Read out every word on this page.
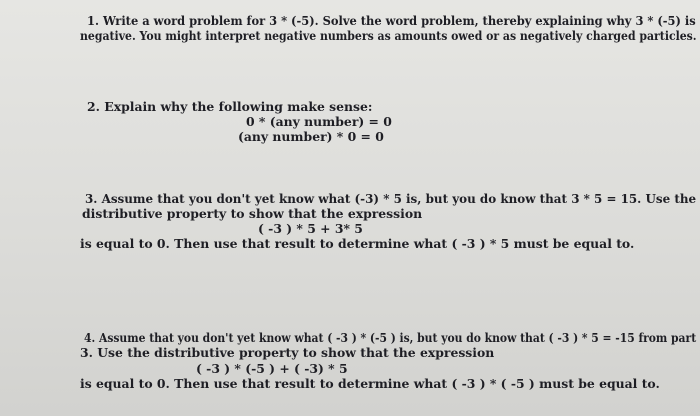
1. Write a word problem for 3 * (-5). Solve the word problem, thereby explaining why 3 * (-5) is
negative. You might interpret negative numbers as amounts owed or as negatively charged particles.
2. Explain why the following make sense:
0 * (any number) = 0
(any number) * 0 = 0
3. Assume that you don't yet know what (-3) * 5 is, but you do know that 3 * 5 = 15. Use the
distributive property to show that the expression
( -3 ) * 5 + 3* 5
is equal to 0. Then use that result to determine what ( -3 ) * 5 must be equal to.
4. Assume that you don't yet know what ( -3 ) * (-5 ) is, but you do know that ( -3 ) * 5 = -15 from part
3. Use the distributive property to show that the expression
( -3 ) * (-5 ) + ( -3) * 5
is equal to 0. Then use that result to determine what ( -3 ) * ( -5 ) must be equal to.
